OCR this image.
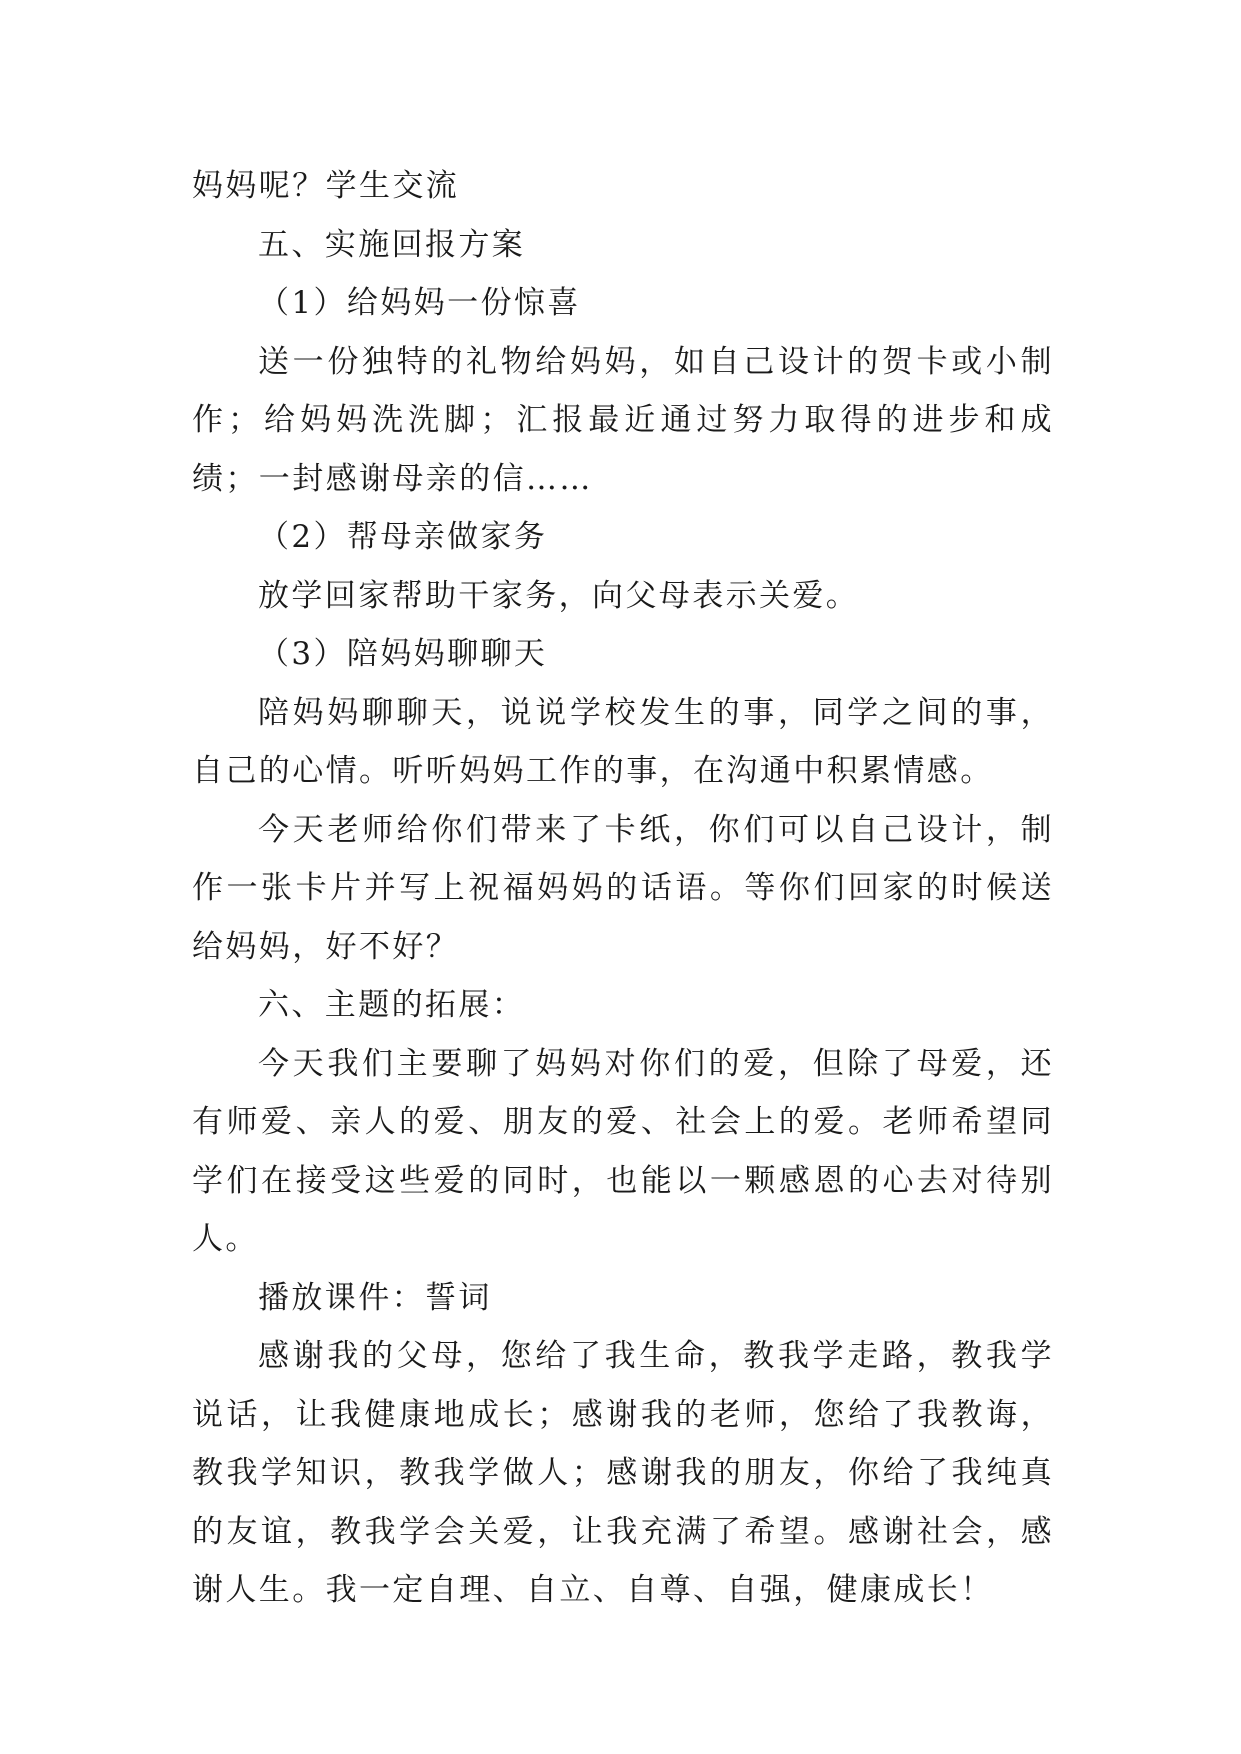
妈妈呢？学生交流

五、实施回报方案

（1）给妈妈一份惊喜

送一份独特的礼物给妈妈，如自己设计的贺卡或小制作；给妈妈洗洗脚；汇报最近通过努力取得的进步和成绩；一封感谢母亲的信……

（2）帮母亲做家务

放学回家帮助干家务，向父母表示关爱。

（3）陪妈妈聊聊天

陪妈妈聊聊天，说说学校发生的事，同学之间的事，自己的心情。听听妈妈工作的事，在沟通中积累情感。

今天老师给你们带来了卡纸，你们可以自己设计，制作一张卡片并写上祝福妈妈的话语。等你们回家的时候送给妈妈，好不好？

六、主题的拓展：

今天我们主要聊了妈妈对你们的爱，但除了母爱，还有师爱、亲人的爱、朋友的爱、社会上的爱。老师希望同学们在接受这些爱的同时，也能以一颗感恩的心去对待别人。

播放课件：誓词

感谢我的父母，您给了我生命，教我学走路，教我学说话，让我健康地成长；感谢我的老师，您给了我教诲，教我学知识，教我学做人；感谢我的朋友，你给了我纯真的友谊，教我学会关爱，让我充满了希望。感谢社会，感谢人生。我一定自理、自立、自尊、自强，健康成长！
